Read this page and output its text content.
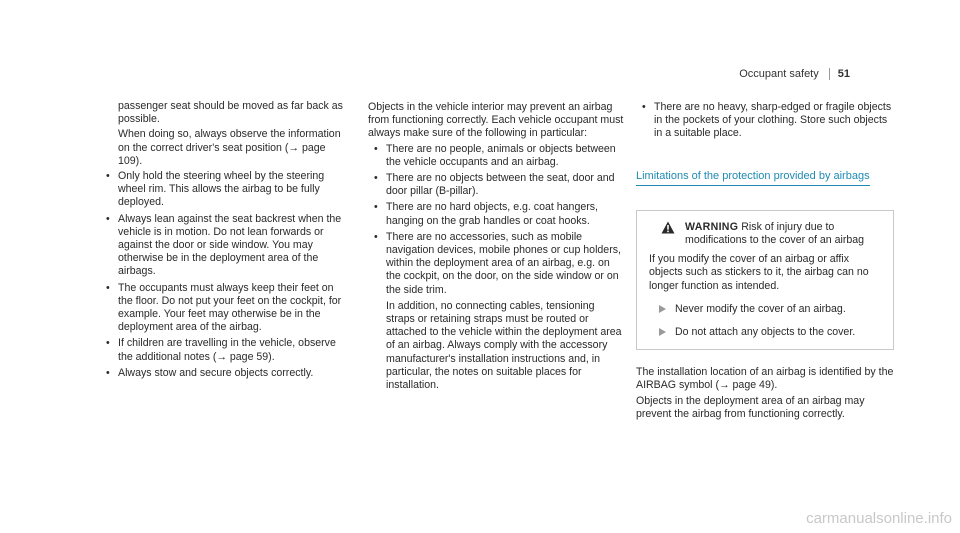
Occupant safety 51

passenger seat should be moved as far back as possible.

When doing so, always observe the information on the correct driver's seat position (→ page 109).

• Only hold the steering wheel by the steering wheel rim. This allows the airbag to be fully deployed.
• Always lean against the seat backrest when the vehicle is in motion. Do not lean forwards or against the door or side window. You may otherwise be in the deployment area of the airbags.
• The occupants must always keep their feet on the floor. Do not put your feet on the cockpit, for example. Your feet may otherwise be in the deployment area of the airbag.
• If children are travelling in the vehicle, observe the additional notes (→ page 59).
• Always stow and secure objects correctly.

Objects in the vehicle interior may prevent an airbag from functioning correctly. Each vehicle occupant must always make sure of the following in particular:

• There are no people, animals or objects between the vehicle occupants and an airbag.
• There are no objects between the seat, door and door pillar (B-pillar).
• There are no hard objects, e.g. coat hangers, hanging on the grab handles or coat hooks.
• There are no accessories, such as mobile navigation devices, mobile phones or cup holders, within the deployment area of an airbag, e.g. on the cockpit, on the door, on the side window or on the side trim.

In addition, no connecting cables, tensioning straps or retaining straps must be routed or attached to the vehicle within the deployment area of an airbag. Always comply with the accessory manufacturer's installation instructions and, in particular, the notes on suitable places for installation.

• There are no heavy, sharp-edged or fragile objects in the pockets of your clothing. Store such objects in a suitable place.
Limitations of the protection provided by airbags
WARNING Risk of injury due to modifications to the cover of an airbag

If you modify the cover of an airbag or affix objects such as stickers to it, the airbag can no longer function as intended.

Never modify the cover of an airbag.
Do not attach any objects to the cover.

The installation location of an airbag is identified by the AIRBAG symbol (→ page 49).

Objects in the deployment area of an airbag may prevent the airbag from functioning correctly.

carmanualsonline.info
